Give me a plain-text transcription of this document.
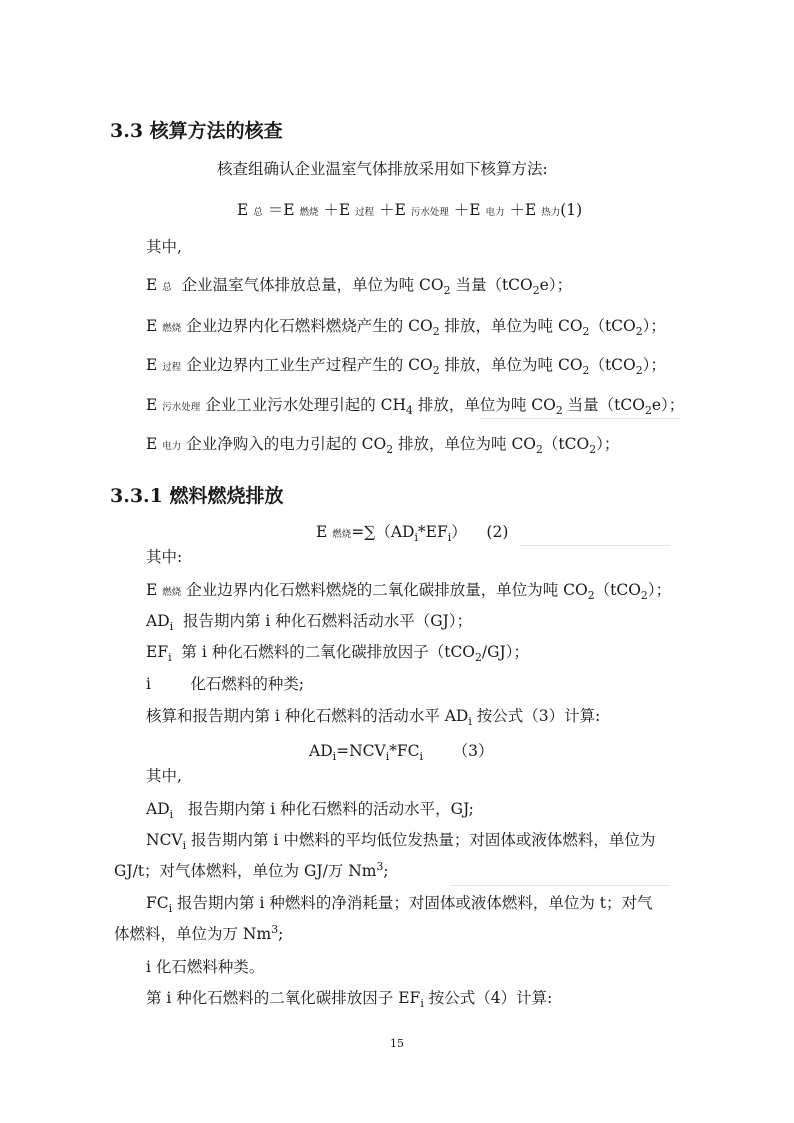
3.3 核算方法的核查
核查组确认企业温室气体排放采用如下核算方法:
E 总 ＝E 燃烧 ＋E 过程 ＋E 污水处理 ＋E 电力 ＋E 热力(1)
其中,
E 总  企业温室气体排放总量，单位为吨 $CO_2$ 当量（tCO$_2$e）；
E 燃烧 企业边界内化石燃料燃烧产生的 $CO_2$ 排放，单位为吨 $CO_2(tCO_2)$；
E 过程 企业边界内工业生产过程产生的 $CO_2$ 排放，单位为吨 $CO_2(tCO_2)$；
E 污水处理 企业工业污水处理引起的 $CH_4$ 排放，单位为吨 $CO_2$ 当量（tCO$_2$e）；
E 电力 企业净购入的电力引起的 $CO_2$ 排放，单位为吨 $CO_2(tCO_2)$；
3.3.1 燃料燃烧排放
E 燃烧$=\sum(AD_i*EF_i)$    (2)
其中:
E 燃烧 企业边界内化石燃料燃烧的二氧化碳排放量，单位为吨 $CO_2(tCO_2)$；
$AD_i$  报告期内第 i 种化石燃料活动水平（GJ）；
$EF_i$  第 i 种化石燃料的二氧化碳排放因子（tCO$_2$/GJ）；
i        化石燃料的种类;
核算和报告期内第 i 种化石燃料的活动水平 $AD_i$ 按公式（3）计算:
$AD_i=NCV_i*FC_i$      （3）
其中,
$AD_i$   报告期内第 i 种化石燃料的活动水平，GJ;
$NCV_i$ 报告期内第 i 中燃料的平均低位发热量；对固体或液体燃料，单位为
GJ/t；对气体燃料，单位为 GJ/万 Nm$^3$;
$FC_i$ 报告期内第 i 种燃料的净消耗量；对固体或液体燃料，单位为 t；对气
体燃料，单位为万 Nm$^3$;
i 化石燃料种类。
第 i 种化石燃料的二氧化碳排放因子 $EF_i$ 按公式（4）计算:
15
